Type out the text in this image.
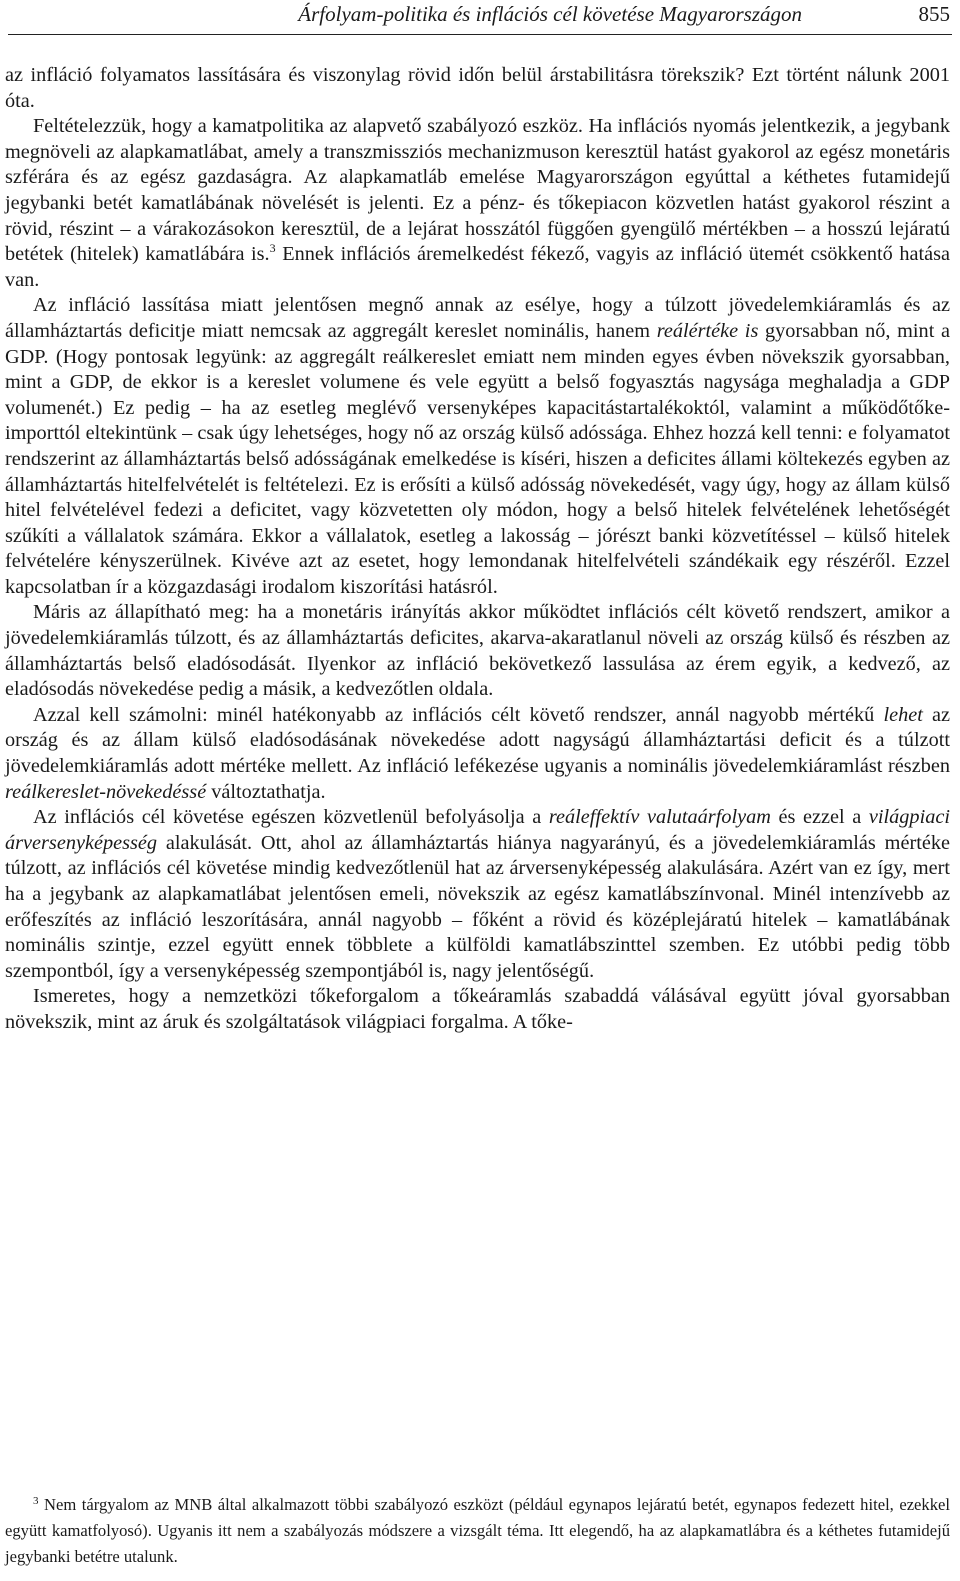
Árfolyam-politika és inflációs cél követése Magyarországon	855

az infláció folyamatos lassítására és viszonylag rövid időn belül árstabilitásra törekszik? Ezt történt nálunk 2001 óta.

Feltételezzük, hogy a kamatpolitika az alapvető szabályozó eszköz. Ha inflációs nyomás jelentkezik, a jegybank megnöveli az alapkamatlábat, amely a transzmissziós mechanizmuson keresztül hatást gyakorol az egész monetáris szférára és az egész gazdaságra. Az alapkamatláb emelése Magyarországon egyúttal a kéthetes futamidejű jegybanki betét kamatlábának növelését is jelenti. Ez a pénz- és tőkepiacon közvetlen hatást gyakorol részint a rövid, részint – a várakozásokon keresztül, de a lejárat hosszától függően gyengülő mértékben – a hosszú lejáratú betétek (hitelek) kamatlábára is.$^3$ Ennek inflációs áremelkedést fékező, vagyis az infláció ütemét csökkentő hatása van.

Az infláció lassítása miatt jelentősen megnő annak az esélye, hogy a túlzott jövedelemkiáramlás és az államháztartás deficitje miatt nemcsak az aggregált kereslet nominális, hanem reálértéke is gyorsabban nő, mint a GDP. (Hogy pontosak legyünk: az aggregált reálkereslet emiatt nem minden egyes évben növekszik gyorsabban, mint a GDP, de ekkor is a kereslet volumene és vele együtt a belső fogyasztás nagysága meghaladja a GDP volumenét.) Ez pedig – ha az esetleg meglévő versenyképes kapacitástartalékoktól, valamint a működőtőke-importtól eltekintünk – csak úgy lehetséges, hogy nő az ország külső adóssága. Ehhez hozzá kell tenni: e folyamatot rendszerint az államháztartás belső adósságának emelkedése is kíséri, hiszen a deficites állami költekezés egyben az államháztartás hitelfelvételét is feltételezi. Ez is erősíti a külső adósság növekedését, vagy úgy, hogy az állam külső hitel felvételével fedezi a deficitet, vagy közvetetten oly módon, hogy a belső hitelek felvételének lehetőségét szűkíti a vállalatok számára. Ekkor a vállalatok, esetleg a lakosság – jórészt banki közvetítéssel – külső hitelek felvételére kényszerülnek. Kivéve azt az esetet, hogy lemondanak hitelfelvételi szándékaik egy részéről. Ezzel kapcsolatban ír a közgazdasági irodalom kiszorítási hatásról.

Máris az állapítható meg: ha a monetáris irányítás akkor működtet inflációs célt követő rendszert, amikor a jövedelemkiáramlás túlzott, és az államháztartás deficites, akarva-akaratlanul növeli az ország külső és részben az államháztartás belső eladósodását. Ilyenkor az infláció bekövetkező lassulása az érem egyik, a kedvező, az eladósodás növekedése pedig a másik, a kedvezőtlen oldala.

Azzal kell számolni: minél hatékonyabb az inflációs célt követő rendszer, annál nagyobb mértékű lehet az ország és az állam külső eladósodásának növekedése adott nagyságú államháztartási deficit és a túlzott jövedelemkiáramlás adott mértéke mellett. Az infláció lefékezése ugyanis a nominális jövedelemkiáramlást részben reálkereslet-növekedéssé változtathatja.

Az inflációs cél követése egészen közvetlenül befolyásolja a reáleffektív valutaárfolyam és ezzel a világpiaci árversenyképesség alakulását. Ott, ahol az államháztartás hiánya nagyarányú, és a jövedelemkiáramlás mértéke túlzott, az inflációs cél követése mindig kedvezőtlenül hat az árversenyképesség alakulására. Azért van ez így, mert ha a jegybank az alapkamatlábat jelentősen emeli, növekszik az egész kamatlábszínvonal. Minél intenzívebb az erőfeszítés az infláció leszorítására, annál nagyobb – főként a rövid és középlejáratú hitelek – kamatlábának nominális szintje, ezzel együtt ennek többlete a külföldi kamatlábszinttel szemben. Ez utóbbi pedig több szempontból, így a versenyképesség szempontjából is, nagy jelentőségű.

Ismeretes, hogy a nemzetközi tőkeforgalom a tőkeáramlás szabaddá válásával együtt jóval gyorsabban növekszik, mint az áruk és szolgáltatások világpiaci forgalma. A tőke-

$^3$ Nem tárgyalom az MNB által alkalmazott többi szabályozó eszközt (például egynapos lejáratú betét, egynapos fedezett hitel, ezekkel együtt kamatfolyosó). Ugyanis itt nem a szabályozás módszere a vizsgált téma. Itt elegendő, ha az alapkamatlábra és a kéthetes futamidejű jegybanki betétre utalunk.
